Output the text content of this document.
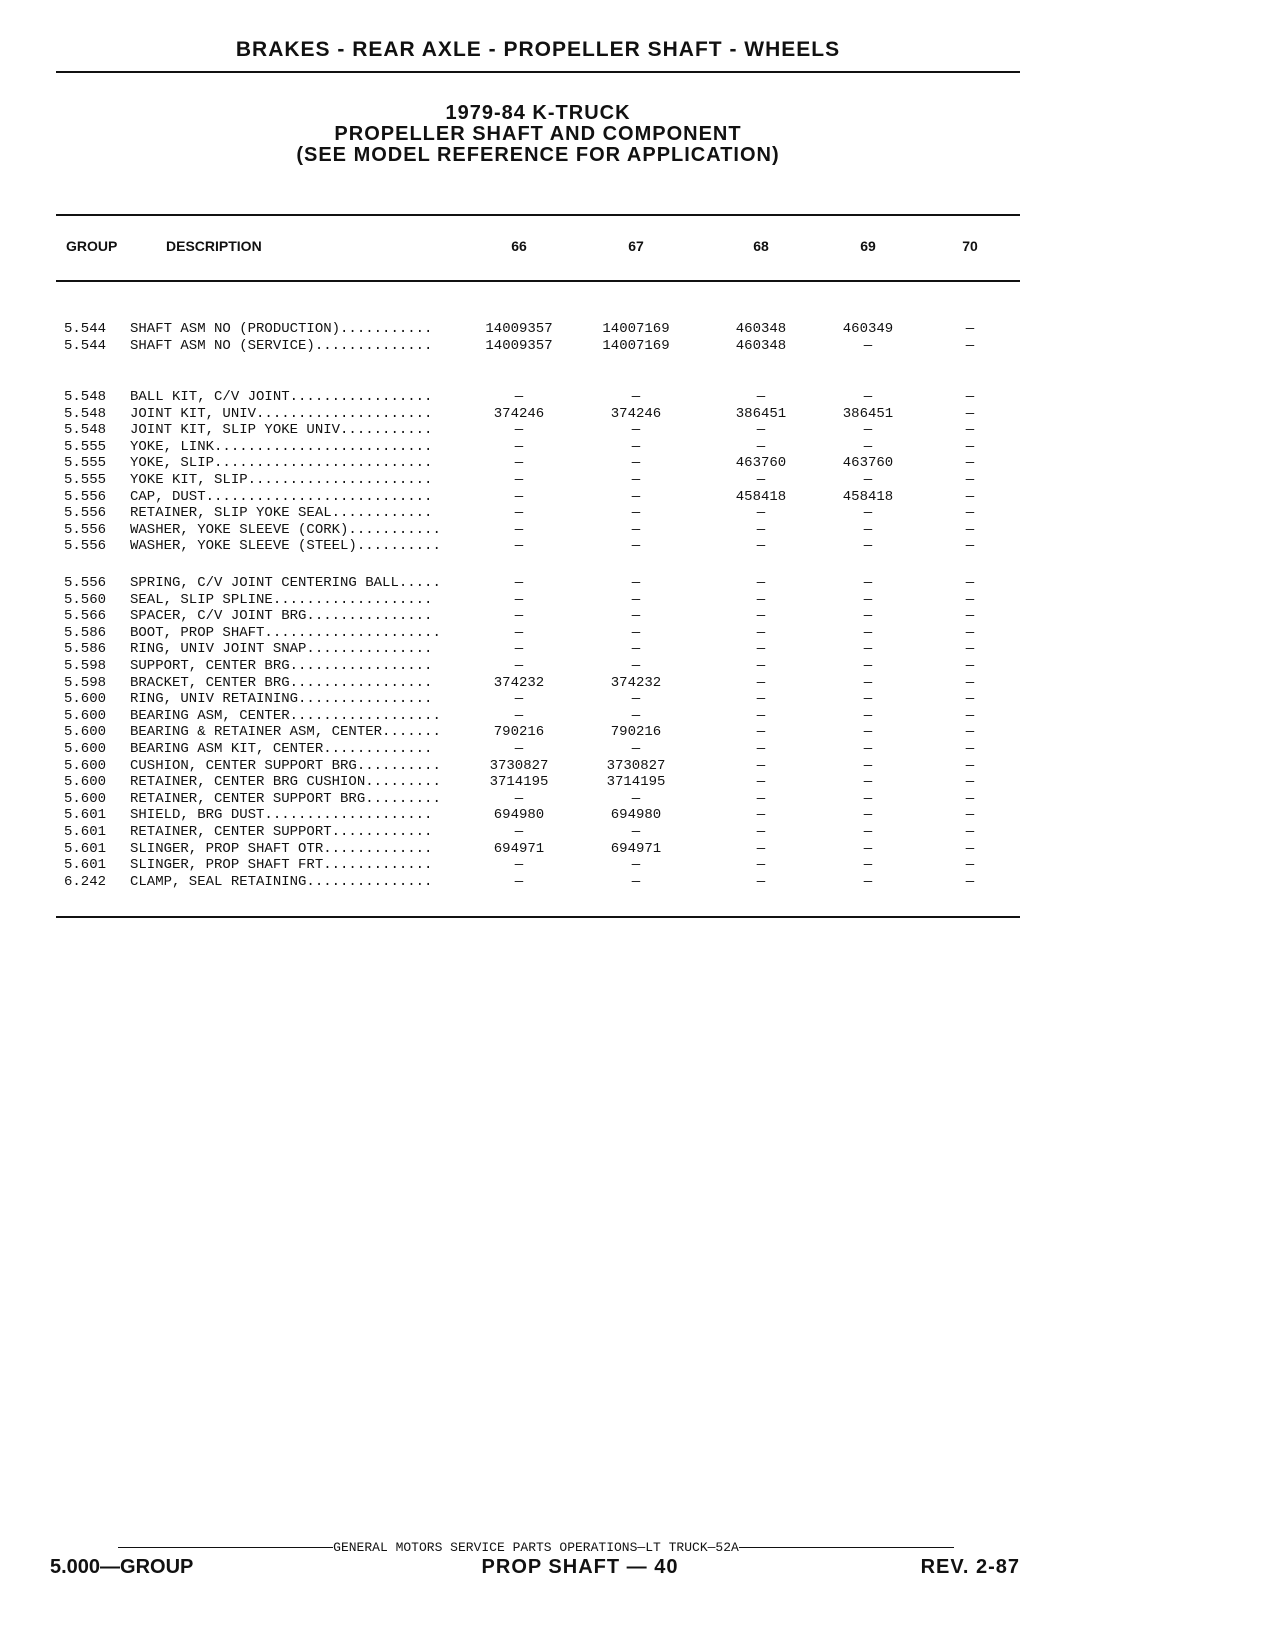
BRAKES - REAR AXLE - PROPELLER SHAFT - WHEELS
1979-84 K-TRUCK
PROPELLER SHAFT AND COMPONENT
(SEE MODEL REFERENCE FOR APPLICATION)
GROUP	DESCRIPTION	66	67	68	69	70
5.544	SHAFT ASM NO (PRODUCTION)...........	14009357	14007169	460348	460349	—
5.544	SHAFT ASM NO (SERVICE)..............	14009357	14007169	460348	—	—
5.548	BALL KIT, C/V JOINT.................	—	—	—	—	—
5.548	JOINT KIT, UNIV.....................	374246	374246	386451	386451	—
5.548	JOINT KIT, SLIP YOKE UNIV...........	—	—	—	—	—
5.555	YOKE, LINK..........................	—	—	—	—	—
5.555	YOKE, SLIP..........................	—	—	463760	463760	—
5.555	YOKE KIT, SLIP......................	—	—	—	—	—
5.556	CAP, DUST...........................	—	—	458418	458418	—
5.556	RETAINER, SLIP YOKE SEAL............	—	—	—	—	—
5.556	WASHER, YOKE SLEEVE (CORK)...........	—	—	—	—	—
5.556	WASHER, YOKE SLEEVE (STEEL)..........	—	—	—	—	—
5.556	SPRING, C/V JOINT CENTERING BALL.....	—	—	—	—	—
5.560	SEAL, SLIP SPLINE...................	—	—	—	—	—
5.566	SPACER, C/V JOINT BRG...............	—	—	—	—	—
5.586	BOOT, PROP SHAFT.....................	—	—	—	—	—
5.586	RING, UNIV JOINT SNAP...............	—	—	—	—	—
5.598	SUPPORT, CENTER BRG.................	—	—	—	—	—
5.598	BRACKET, CENTER BRG.................	374232	374232	—	—	—
5.600	RING, UNIV RETAINING................	—	—	—	—	—
5.600	BEARING ASM, CENTER..................	—	—	—	—	—
5.600	BEARING & RETAINER ASM, CENTER.......	790216	790216	—	—	—
5.600	BEARING ASM KIT, CENTER.............	—	—	—	—	—
5.600	CUSHION, CENTER SUPPORT BRG..........	3730827	3730827	—	—	—
5.600	RETAINER, CENTER BRG CUSHION.........	3714195	3714195	—	—	—
5.600	RETAINER, CENTER SUPPORT BRG.........	—	—	—	—	—
5.601	SHIELD, BRG DUST....................	694980	694980	—	—	—
5.601	RETAINER, CENTER SUPPORT............	—	—	—	—	—
5.601	SLINGER, PROP SHAFT OTR.............	694971	694971	—	—	—
5.601	SLINGER, PROP SHAFT FRT.............	—	—	—	—	—
6.242	CLAMP, SEAL RETAINING...............	—	—	—	—	—
GENERAL MOTORS SERVICE PARTS OPERATIONS—LT TRUCK—52A
5.000—GROUP	PROP SHAFT — 40	REV. 2-87
